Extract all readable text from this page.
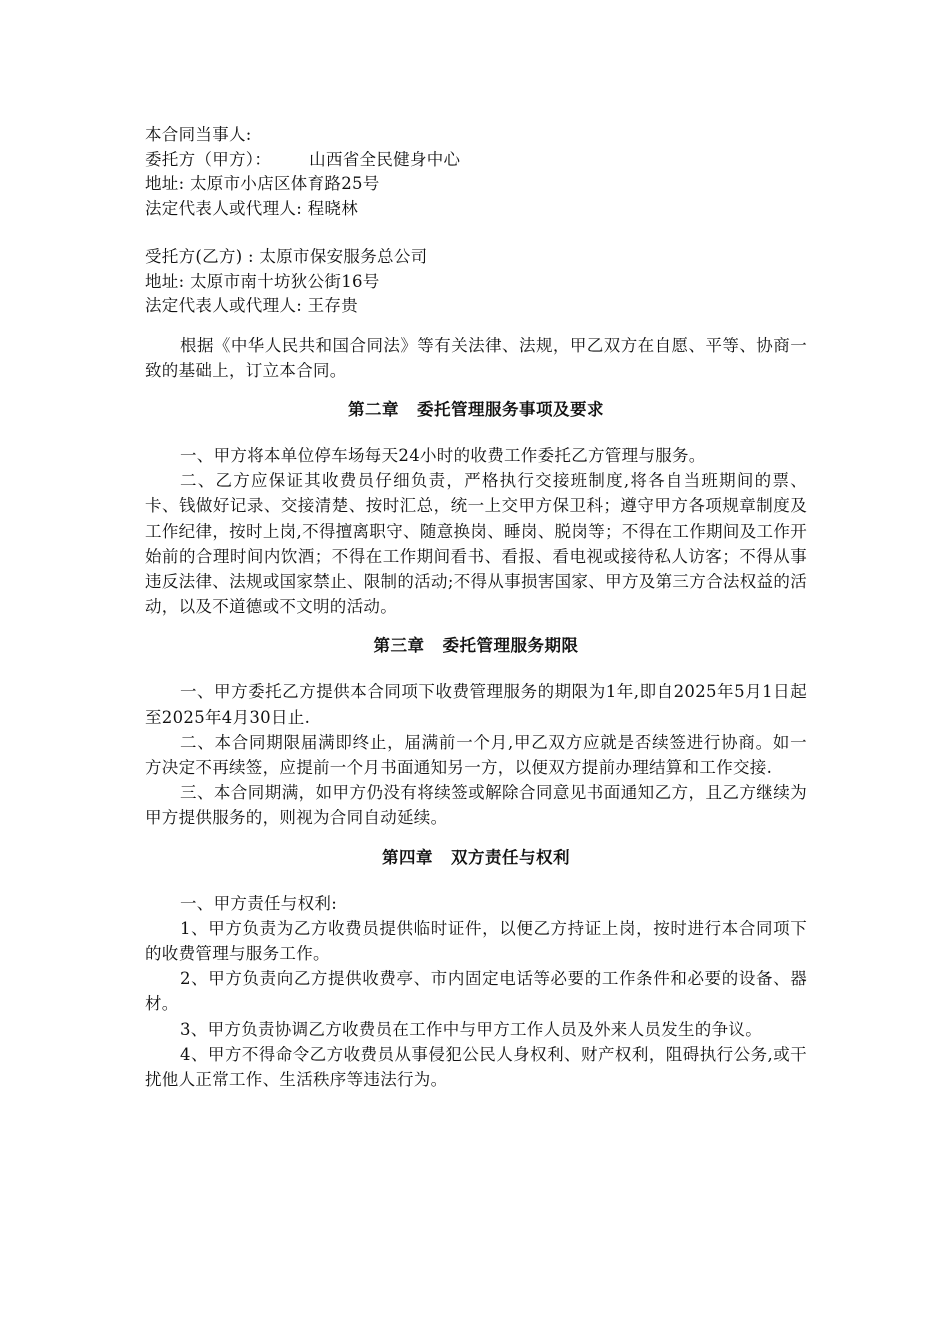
本合同当事人:
委托方（甲方）： 山西省全民健身中心
地址: 太原市小店区体育路25号
法定代表人或代理人: 程晓林
受托方(乙方) : 太原市保安服务总公司
地址: 太原市南十坊狄公街16号
法定代表人或代理人: 王存贵
根据《中华人民共和国合同法》等有关法律、法规，甲乙双方在自愿、平等、协商一致的基础上，订立本合同。
第二章 委托管理服务事项及要求
一、甲方将本单位停车场每天24小时的收费工作委托乙方管理与服务。
二、乙方应保证其收费员仔细负责，严格执行交接班制度,将各自当班期间的票、卡、钱做好记录、交接清楚、按时汇总，统一上交甲方保卫科；遵守甲方各项规章制度及工作纪律，按时上岗,不得擅离职守、随意换岗、睡岗、脱岗等；不得在工作期间及工作开始前的合理时间内饮酒；不得在工作期间看书、看报、看电视或接待私人访客；不得从事违反法律、法规或国家禁止、限制的活动;不得从事损害国家、甲方及第三方合法权益的活动，以及不道德或不文明的活动。
第三章 委托管理服务期限
一、甲方委托乙方提供本合同项下收费管理服务的期限为1年,即自2025年5月1日起至2025年4月30日止.
二、本合同期限届满即终止，届满前一个月,甲乙双方应就是否续签进行协商。如一方决定不再续签，应提前一个月书面通知另一方，以便双方提前办理结算和工作交接.
三、本合同期满，如甲方仍没有将续签或解除合同意见书面通知乙方，且乙方继续为甲方提供服务的，则视为合同自动延续。
第四章 双方责任与权利
一、甲方责任与权利:
1、甲方负责为乙方收费员提供临时证件，以便乙方持证上岗，按时进行本合同项下的收费管理与服务工作。
2、甲方负责向乙方提供收费亭、市内固定电话等必要的工作条件和必要的设备、器材。
3、甲方负责协调乙方收费员在工作中与甲方工作人员及外来人员发生的争议。
4、甲方不得命令乙方收费员从事侵犯公民人身权利、财产权利，阻碍执行公务,或干扰他人正常工作、生活秩序等违法行为。
